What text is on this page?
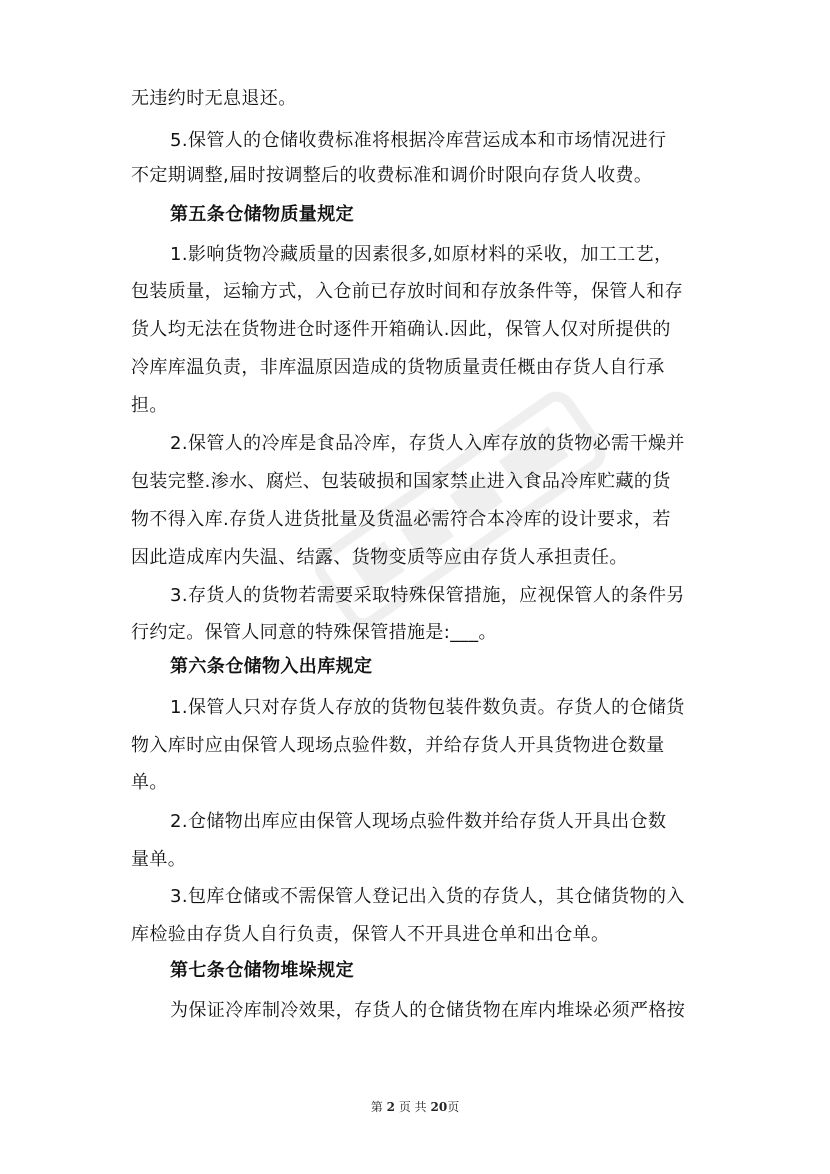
无违约时无息退还。
5.保管人的仓储收费标准将根据冷库营运成本和市场情况进行
不定期调整,届时按调整后的收费标准和调价时限向存货人收费。
第五条仓储物质量规定
1.影响货物冷藏质量的因素很多,如原材料的采收，加工工艺，
包装质量，运输方式，入仓前已存放时间和存放条件等，保管人和存
货人均无法在货物进仓时逐件开箱确认.因此，保管人仅对所提供的
冷库库温负责，非库温原因造成的货物质量责任概由存货人自行承
担。
2.保管人的冷库是食品冷库，存货人入库存放的货物必需干燥并
包装完整.渗水、腐烂、包装破损和国家禁止进入食品冷库贮藏的货
物不得入库.存货人进货批量及货温必需符合本冷库的设计要求，若
因此造成库内失温、结露、货物变质等应由存货人承担责任。
3.存货人的货物若需要采取特殊保管措施，应视保管人的条件另
行约定。保管人同意的特殊保管措施是:___。
第六条仓储物入出库规定
1.保管人只对存货人存放的货物包装件数负责。存货人的仓储货
物入库时应由保管人现场点验件数，并给存货人开具货物进仓数量
单。
2.仓储物出库应由保管人现场点验件数并给存货人开具出仓数
量单。
3.包库仓储或不需保管人登记出入货的存货人，其仓储货物的入
库检验由存货人自行负责，保管人不开具进仓单和出仓单。
第七条仓储物堆垛规定
为保证冷库制冷效果，存货人的仓储货物在库内堆垛必须严格按
第 2 页 共 20页
